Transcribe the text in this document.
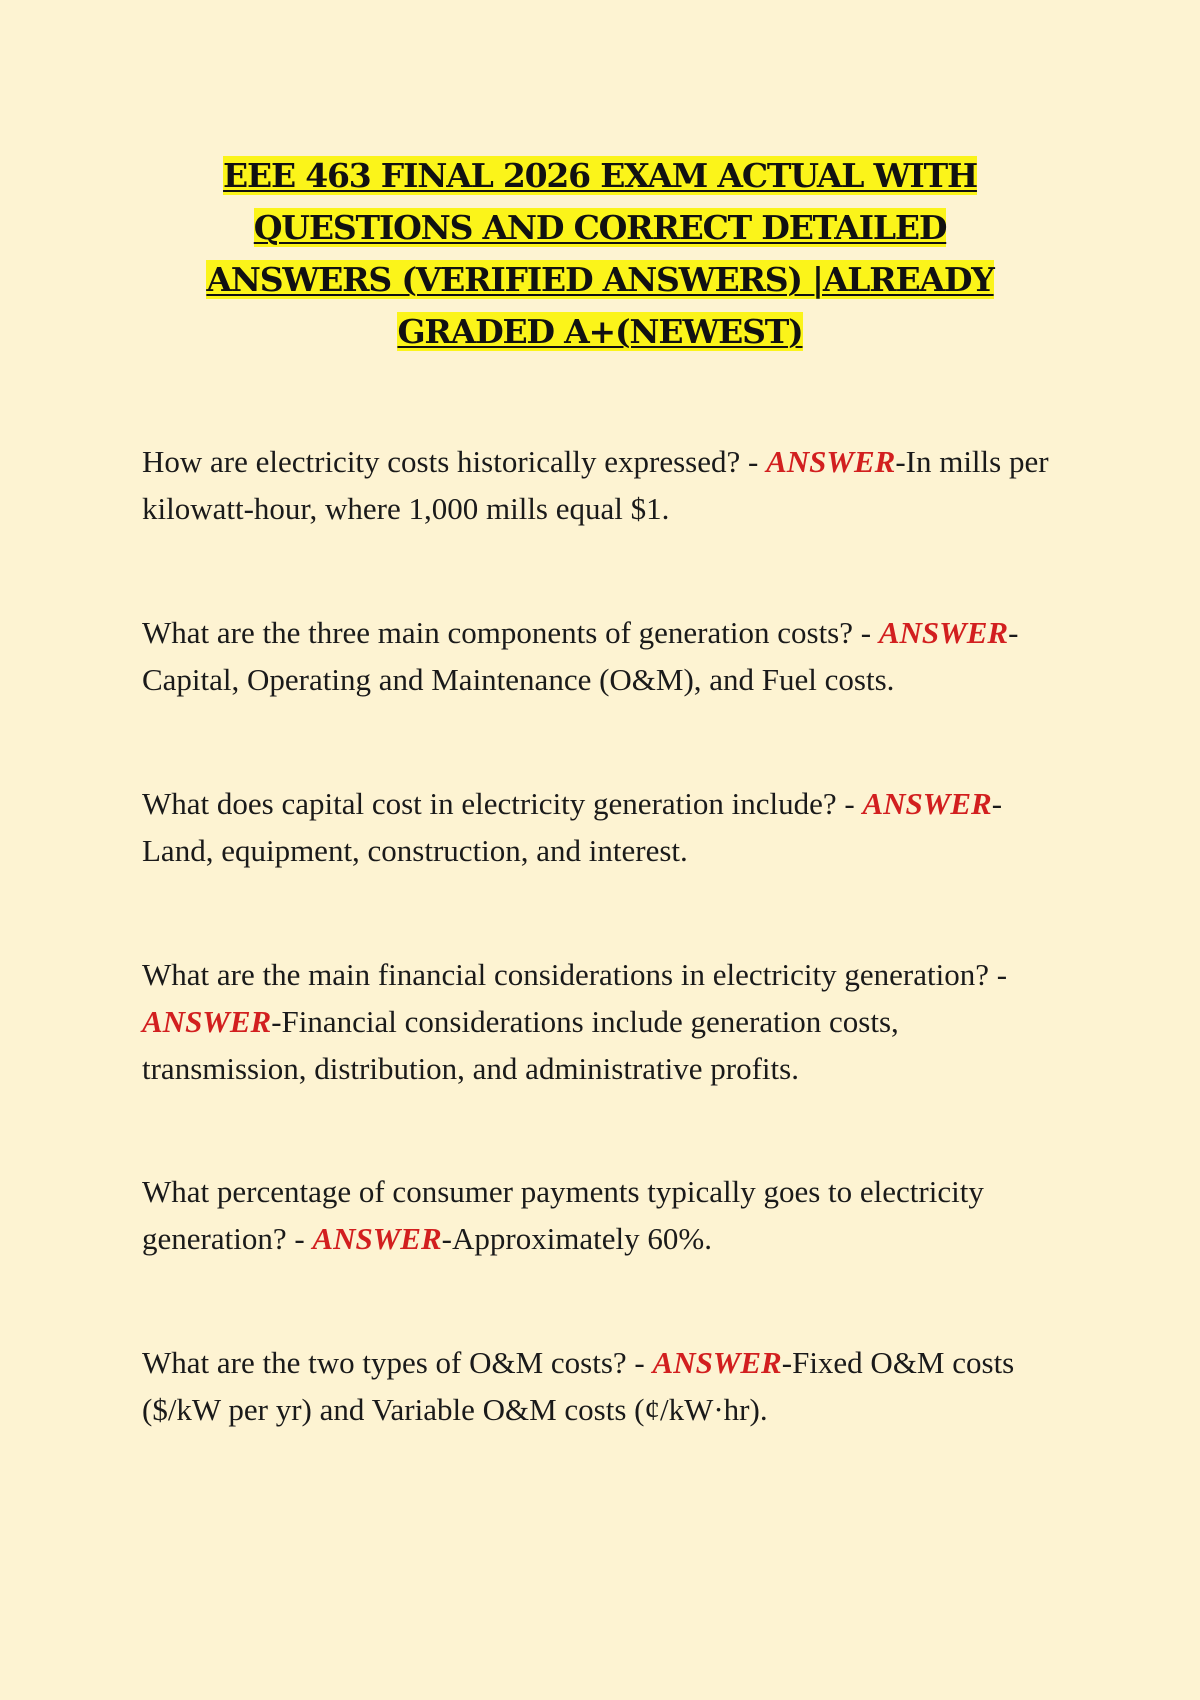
EEE 463 FINAL 2026 EXAM ACTUAL WITH
QUESTIONS AND CORRECT DETAILED
ANSWERS (VERIFIED ANSWERS) |ALREADY
GRADED A+(NEWEST)
How are electricity costs historically expressed? - ANSWER-In mills per kilowatt-hour, where 1,000 mills equal $1.
What are the three main components of generation costs? - ANSWER-Capital, Operating and Maintenance (O&M), and Fuel costs.
What does capital cost in electricity generation include? - ANSWER-Land, equipment, construction, and interest.
What are the main financial considerations in electricity generation? - ANSWER-Financial considerations include generation costs, transmission, distribution, and administrative profits.
What percentage of consumer payments typically goes to electricity generation? - ANSWER-Approximately 60%.
What are the two types of O&M costs? - ANSWER-Fixed O&M costs ($/kW per yr) and Variable O&M costs (¢/kW·hr).
